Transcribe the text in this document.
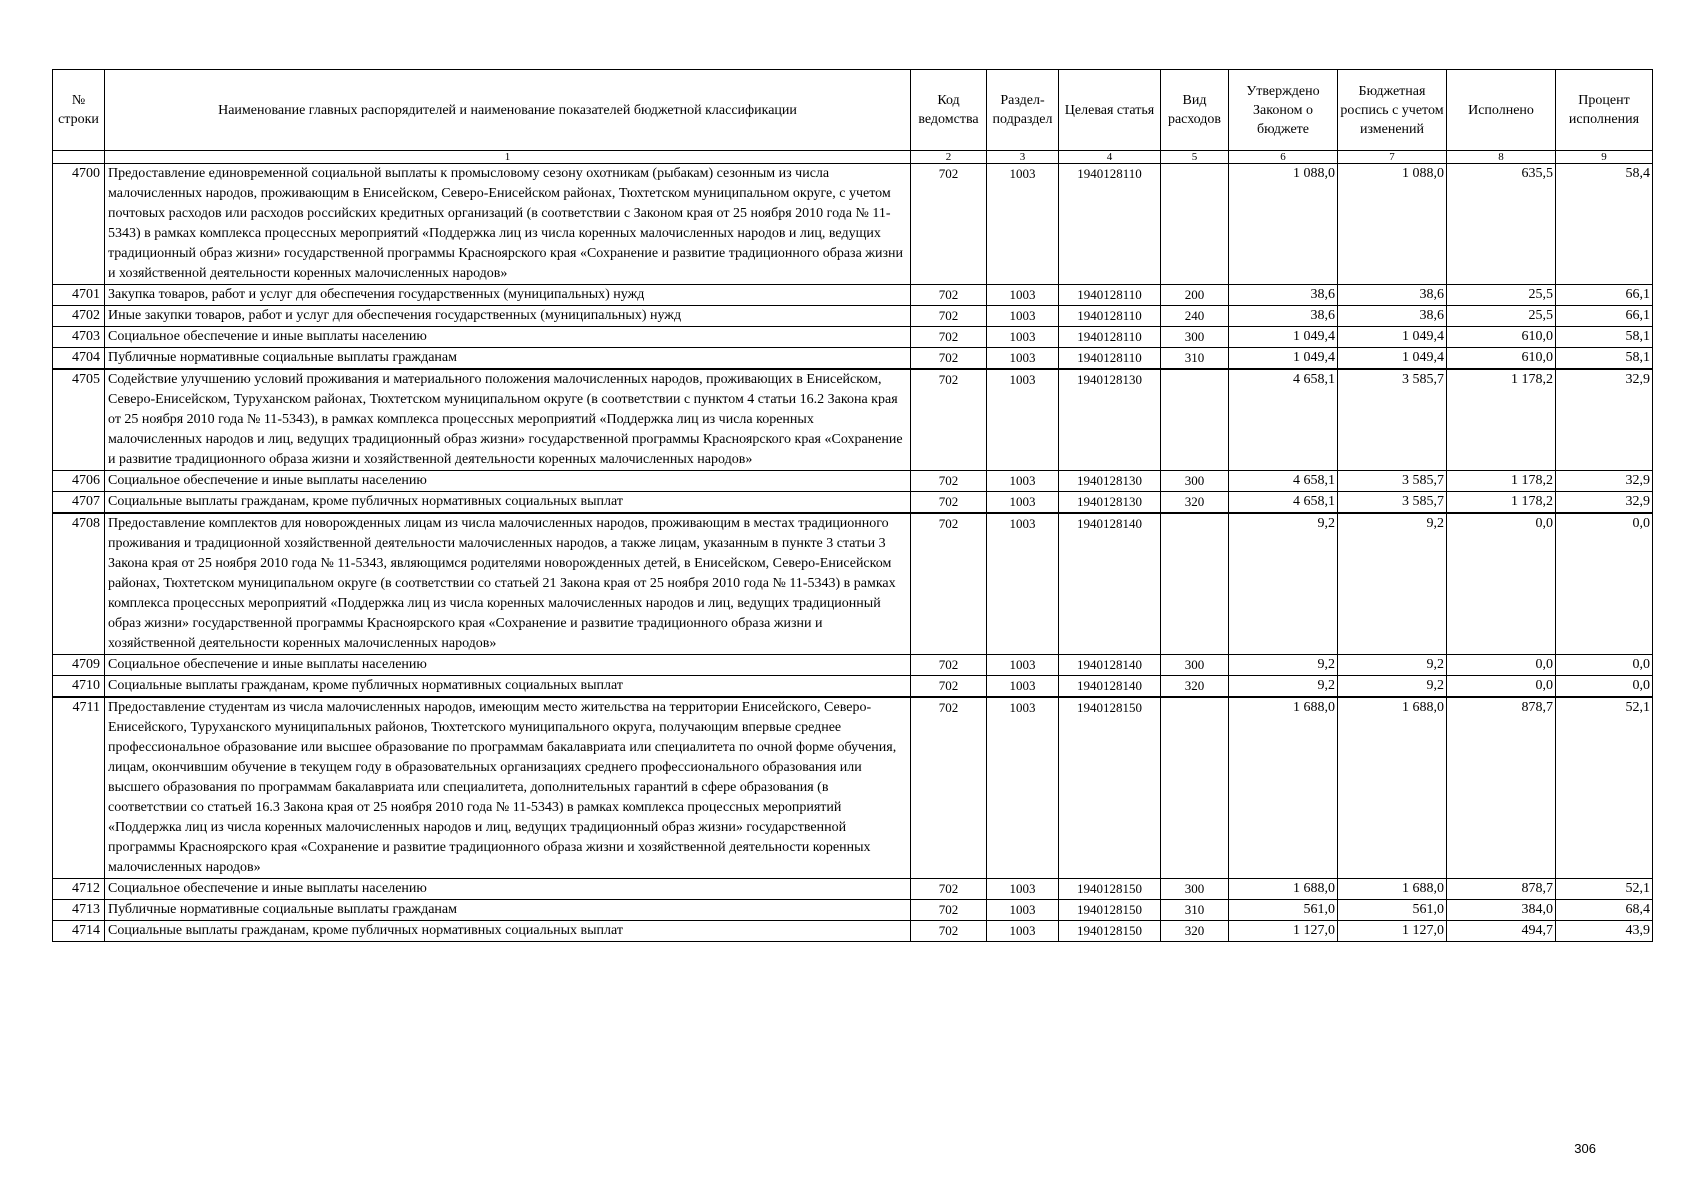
№ строки	Наименование главных распорядителей и наименование показателей бюджетной классификации	Код ведомства	Раздел-подраздел	Целевая статья	Вид расходов	Утверждено Законом о бюджете	Бюджетная роспись с учетом изменений	Исполнено	Процент исполнения
	1	2	3	4	5	6	7	8	9
4700	Предоставление единовременной социальной выплаты к промысловому сезону охотникам (рыбакам) сезонным из числа малочисленных народов, проживающим в Енисейском, Северо-Енисейском районах, Тюхтетском муниципальном округе, с учетом почтовых расходов или расходов российских кредитных организаций (в соответствии с Законом края от 25 ноября 2010 года № 11-5343) в рамках комплекса процессных мероприятий «Поддержка лиц из числа коренных малочисленных народов и лиц, ведущих традиционный образ жизни» государственной программы Красноярского края «Сохранение и развитие традиционного образа жизни и хозяйственной деятельности коренных малочисленных народов»	702	1003	1940128110		1 088,0	1 088,0	635,5	58,4
4701	Закупка товаров, работ и услуг для обеспечения государственных (муниципальных) нужд	702	1003	1940128110	200	38,6	38,6	25,5	66,1
4702	Иные закупки товаров, работ и услуг для обеспечения государственных (муниципальных) нужд	702	1003	1940128110	240	38,6	38,6	25,5	66,1
4703	Социальное обеспечение и иные выплаты населению	702	1003	1940128110	300	1 049,4	1 049,4	610,0	58,1
4704	Публичные нормативные социальные выплаты гражданам	702	1003	1940128110	310	1 049,4	1 049,4	610,0	58,1
4705	Содействие улучшению условий проживания и материального положения малочисленных народов, проживающих в Енисейском, Северо-Енисейском, Туруханском районах, Тюхтетском муниципальном округе (в соответствии с пунктом 4 статьи 16.2 Закона края от 25 ноября 2010 года № 11-5343), в рамках комплекса процессных мероприятий «Поддержка лиц из числа коренных малочисленных народов и лиц, ведущих традиционный образ жизни» государственной программы Красноярского края «Сохранение и развитие традиционного образа жизни и хозяйственной деятельности коренных малочисленных народов»	702	1003	1940128130		4 658,1	3 585,7	1 178,2	32,9
4706	Социальное обеспечение и иные выплаты населению	702	1003	1940128130	300	4 658,1	3 585,7	1 178,2	32,9
4707	Социальные выплаты гражданам, кроме публичных нормативных социальных выплат	702	1003	1940128130	320	4 658,1	3 585,7	1 178,2	32,9
4708	Предоставление комплектов для новорожденных лицам из числа малочисленных народов, проживающим в местах традиционного проживания и традиционной хозяйственной деятельности малочисленных народов, а также лицам, указанным в пункте 3 статьи 3 Закона края от 25 ноября 2010 года № 11-5343, являющимся родителями новорожденных детей, в Енисейском, Северо-Енисейском районах, Тюхтетском муниципальном округе (в соответствии со статьей 21 Закона края от 25 ноября 2010 года № 11-5343) в рамках комплекса процессных мероприятий «Поддержка лиц из числа коренных малочисленных народов и лиц, ведущих традиционный образ жизни» государственной программы Красноярского края «Сохранение и развитие традиционного образа жизни и хозяйственной деятельности коренных малочисленных народов»	702	1003	1940128140		9,2	9,2	0,0	0,0
4709	Социальное обеспечение и иные выплаты населению	702	1003	1940128140	300	9,2	9,2	0,0	0,0
4710	Социальные выплаты гражданам, кроме публичных нормативных социальных выплат	702	1003	1940128140	320	9,2	9,2	0,0	0,0
4711	Предоставление студентам из числа малочисленных народов, имеющим место жительства на территории Енисейского, Северо-Енисейского, Туруханского муниципальных районов, Тюхтетского муниципального округа, получающим впервые среднее профессиональное образование или высшее образование по программам бакалавриата или специалитета по очной форме обучения, лицам, окончившим обучение в текущем году в образовательных организациях среднего профессионального образования или высшего образования по программам бакалавриата или специалитета, дополнительных гарантий в сфере образования (в соответствии со статьей 16.3 Закона края от 25 ноября 2010 года № 11-5343) в рамках комплекса процессных мероприятий «Поддержка лиц из числа коренных малочисленных народов и лиц, ведущих традиционный образ жизни» государственной программы Красноярского края «Сохранение и развитие традиционного образа жизни и хозяйственной деятельности коренных малочисленных народов»	702	1003	1940128150		1 688,0	1 688,0	878,7	52,1
4712	Социальное обеспечение и иные выплаты населению	702	1003	1940128150	300	1 688,0	1 688,0	878,7	52,1
4713	Публичные нормативные социальные выплаты гражданам	702	1003	1940128150	310	561,0	561,0	384,0	68,4
4714	Социальные выплаты гражданам, кроме публичных нормативных социальных выплат	702	1003	1940128150	320	1 127,0	1 127,0	494,7	43,9
306
